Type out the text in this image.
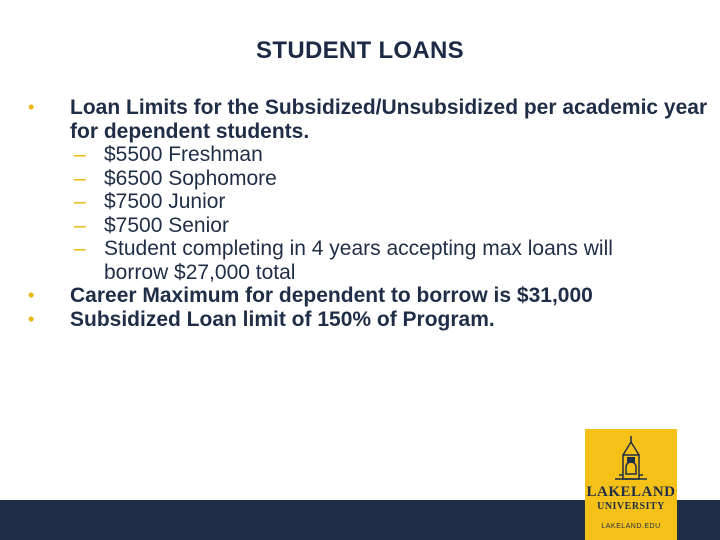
STUDENT LOANS
•	Loan Limits for the Subsidized/Unsubsidized per academic year for dependent students.
– $5500 Freshman
– $6500 Sophomore
– $7500 Junior
– $7500 Senior
– Student completing in 4 years accepting max loans will borrow $27,000 total
•	Career Maximum for dependent to borrow is $31,000
•	Subsidized Loan limit of 150% of Program.
LAKELAND
UNIVERSITY
LAKELAND.EDU
